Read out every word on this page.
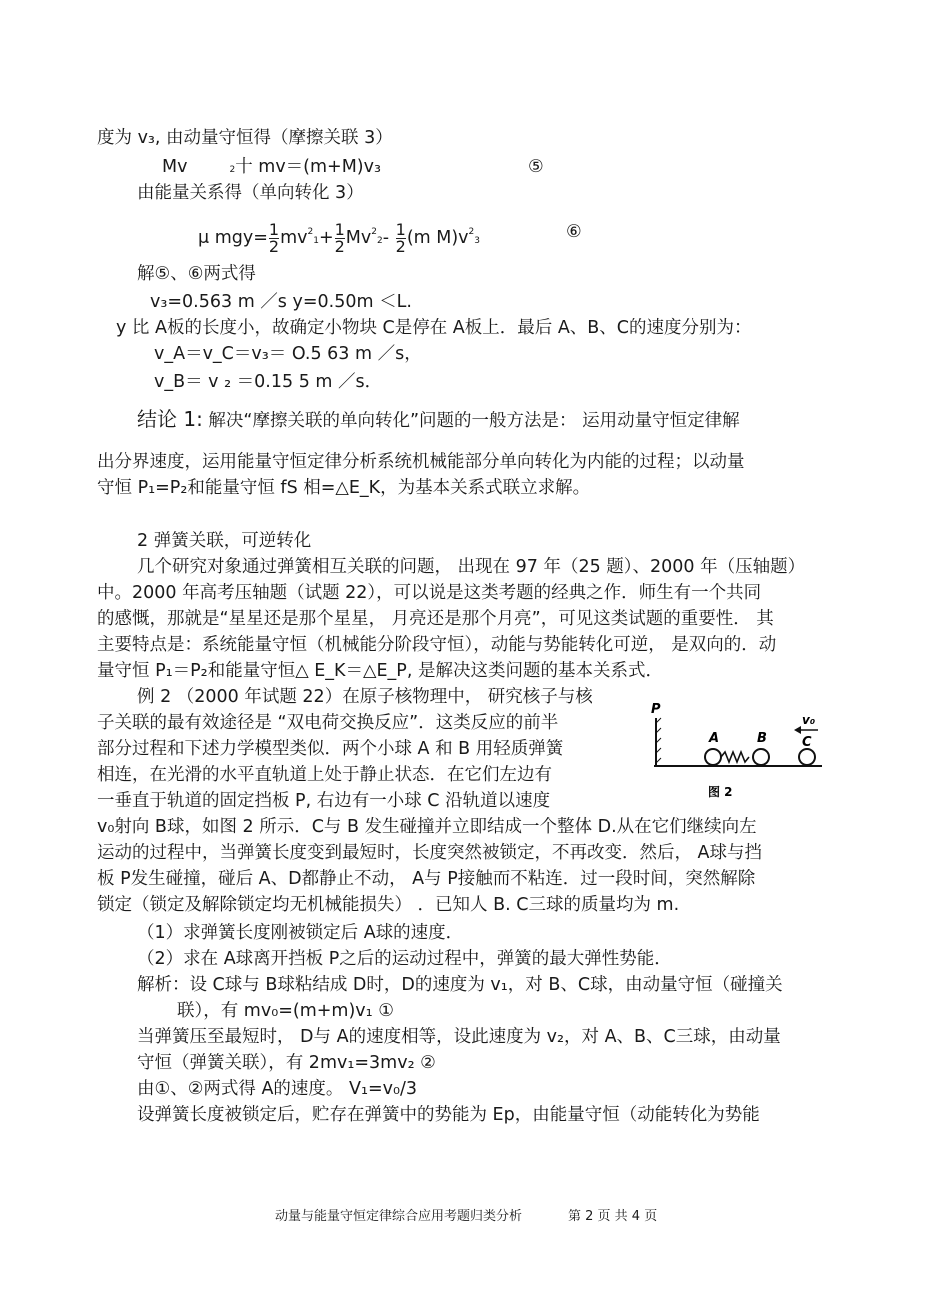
度为 v₃, 由动量守恒得（摩擦关联 3）
Mv	2十 mv＝(m+M)v₃	⑤
由能量关系得（单向转化 3）
μ $mgy=\frac{1}{2}mv^21+\frac{1}{2}Mv^22- \frac{1}{2}(m$ $M)v^23$	⑥
解⑤、⑥两式得
v₃=0.563 m ／s y=0.50m ＜L.
y 比 A板的长度小，故确定小物块 C是停在 A板上．最后 A、B、C的速度分别为：
v_A＝v_C＝v₃＝ O.5 63 m ／s，
v_B＝ v ₂ ＝0.15 5 m ／s．
结论 1: 解决“摩擦关联的单向转化”问题的一般方法是： 运用动量守恒定律解
出分界速度，运用能量守恒定律分析系统机械能部分单向转化为内能的过程；以动量
守恒 P₁=P₂和能量守恒 fS 相=△E_K，为基本关系式联立求解。
2 弹簧关联，可逆转化
几个研究对象通过弹簧相互关联的问题， 出现在 97 年（25 题）、2000 年（压轴题）
中。2000 年高考压轴题（试题 22），可以说是这类考题的经典之作．师生有一个共同
的感慨，那就是“星星还是那个星星， 月亮还是那个月亮”，可见这类试题的重要性． 其
主要特点是：系统能量守恒（机械能分阶段守恒），动能与势能转化可逆， 是双向的．动
量守恒 P₁＝P₂和能量守恒△ E_K＝△E_P, 是解决这类问题的基本关系式．
例 2 （2000 年试题 22）在原子核物理中， 研究核子与核
子关联的最有效途径是 “双电荷交换反应”．这类反应的前半
部分过程和下述力学模型类似．两个小球 A 和 B 用轻质弹簧
相连，在光滑的水平直轨道上处于静止状态．在它们左边有
一垂直于轨道的固定挡板 P, 右边有一小球 C 沿轨道以速度
v₀射向 B球，如图 2 所示．C与 B 发生碰撞并立即结成一个整体 D.从在它们继续向左
运动的过程中，当弹簧长度变到最短时，长度突然被锁定，不再改变．然后， A球与挡
板 P发生碰撞，碰后 A、D都静止不动， A与 P接触而不粘连．过一段时间，突然解除
锁定（锁定及解除锁定均无机械能损失） ．已知人 B. C三球的质量均为 m.
（1）求弹簧长度刚被锁定后 A球的速度．
（2）求在 A球离开挡板 P之后的运动过程中，弹簧的最大弹性势能．
解析：设 C球与 B球粘结成 D时，D的速度为 v₁，对 B、C球，由动量守恒（碰撞关
联），有 mv₀=(m+m)v₁ ①
当弹簧压至最短时， D与 A的速度相等，设此速度为 v₂，对 A、B、C三球，由动量
守恒（弹簧关联），有 2mv₁=3mv₂ ②
由①、②两式得 A的速度。 V₁=v₀/3
设弹簧长度被锁定后，贮存在弹簧中的势能为 Ep，由能量守恒（动能转化为势能
P
A	B
v₀
C
图 2
动量与能量守恒定律综合应用考题归类分析	第 2 页 共 4 页
